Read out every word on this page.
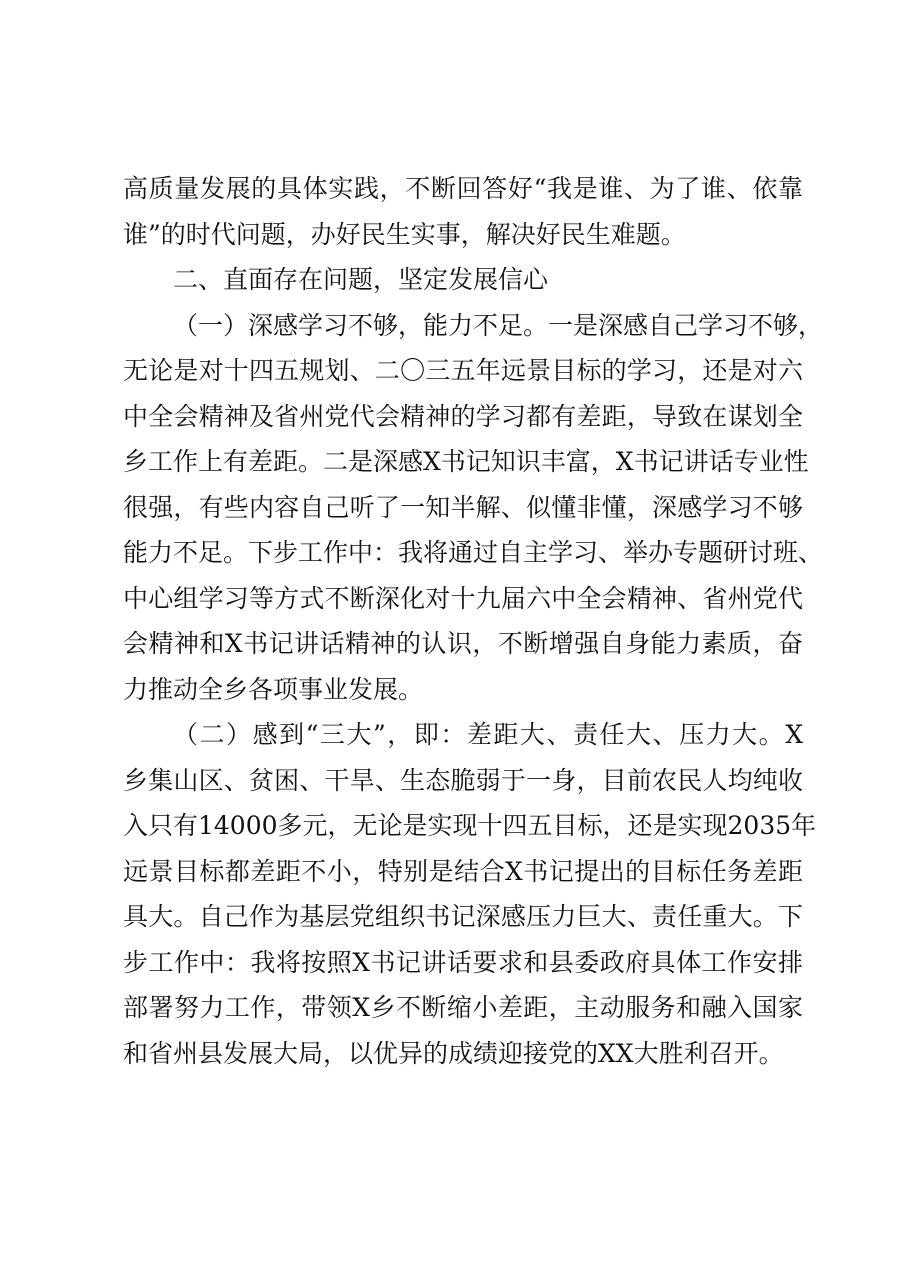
高质量发展的具体实践，不断回答好“我是谁、为了谁、依靠
谁”的时代问题，办好民生实事，解决好民生难题。
二、直面存在问题，坚定发展信心
（一）深感学习不够，能力不足。一是深感自己学习不够，
无论是对十四五规划、二〇三五年远景目标的学习，还是对六
中全会精神及省州党代会精神的学习都有差距，导致在谋划全
乡工作上有差距。二是深感X书记知识丰富，X书记讲话专业性
很强，有些内容自己听了一知半解、似懂非懂，深感学习不够
能力不足。下步工作中：我将通过自主学习、举办专题研讨班、
中心组学习等方式不断深化对十九届六中全会精神、省州党代
会精神和X书记讲话精神的认识，不断增强自身能力素质，奋
力推动全乡各项事业发展。
（二）感到“三大”，即：差距大、责任大、压力大。X
乡集山区、贫困、干旱、生态脆弱于一身，目前农民人均纯收
入只有14000多元，无论是实现十四五目标，还是实现2035年
远景目标都差距不小，特别是结合X书记提出的目标任务差距
具大。自己作为基层党组织书记深感压力巨大、责任重大。下
步工作中：我将按照X书记讲话要求和县委政府具体工作安排
部署努力工作，带领X乡不断缩小差距，主动服务和融入国家
和省州县发展大局，以优异的成绩迎接党的XX大胜利召开。
